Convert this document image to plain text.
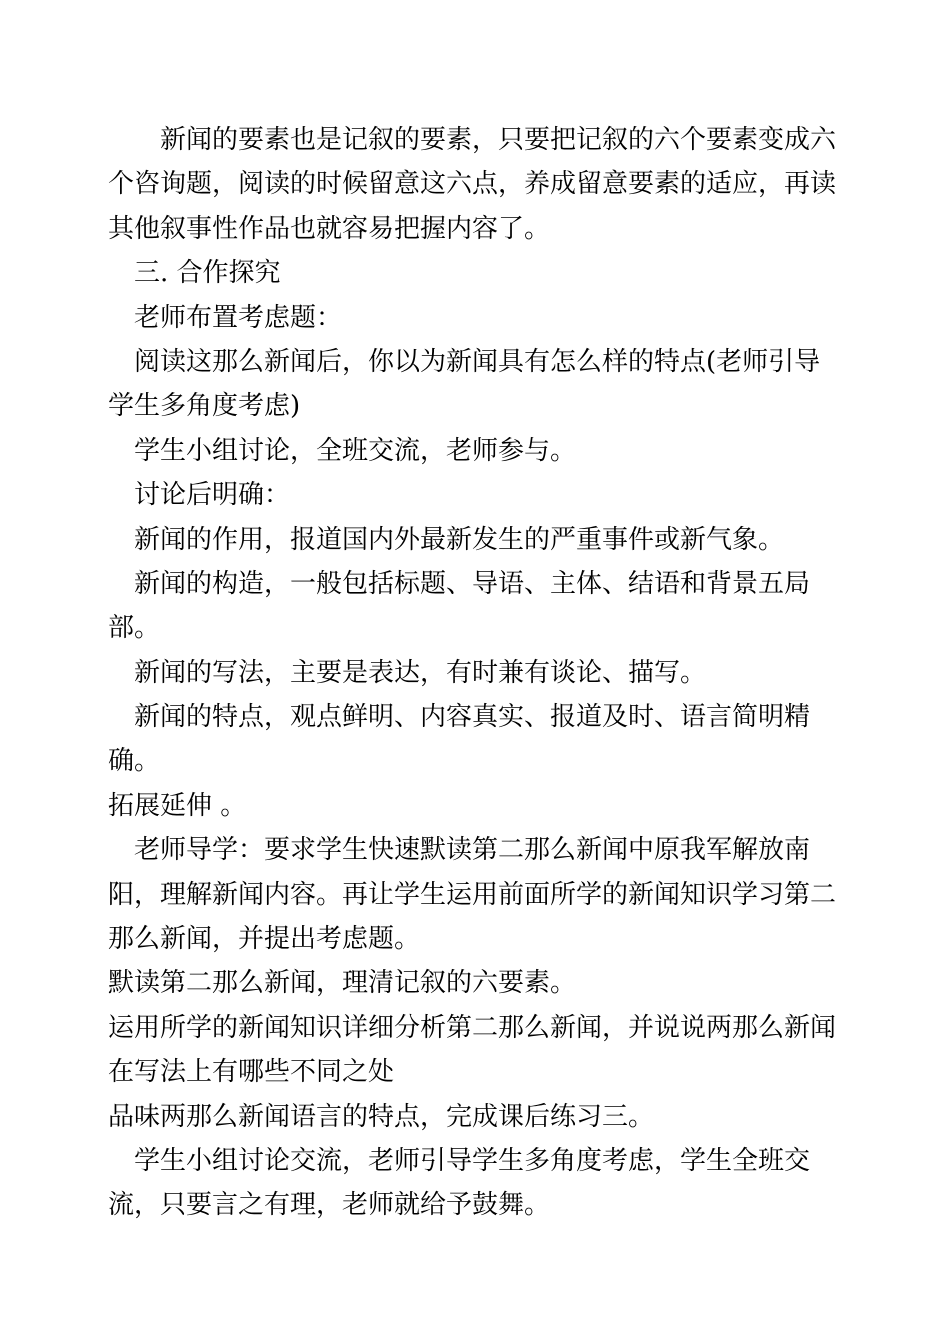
新闻的要素也是记叙的要素，只要把记叙的六个要素变成六
个咨询题，阅读的时候留意这六点，养成留意要素的适应，再读
其他叙事性作品也就容易把握内容了。
三. 合作探究
老师布置考虑题：
阅读这那么新闻后，你以为新闻具有怎么样的特点(老师引导
学生多角度考虑)
学生小组讨论，全班交流，老师参与。
讨论后明确：
新闻的作用，报道国内外最新发生的严重事件或新气象。
新闻的构造，一般包括标题、导语、主体、结语和背景五局
部。
新闻的写法，主要是表达，有时兼有谈论、描写。
新闻的特点，观点鲜明、内容真实、报道及时、语言简明精
确。
拓展延伸 。
老师导学：要求学生快速默读第二那么新闻中原我军解放南
阳，理解新闻内容。再让学生运用前面所学的新闻知识学习第二
那么新闻，并提出考虑题。
默读第二那么新闻，理清记叙的六要素。
运用所学的新闻知识详细分析第二那么新闻，并说说两那么新闻
在写法上有哪些不同之处
品味两那么新闻语言的特点，完成课后练习三。
学生小组讨论交流，老师引导学生多角度考虑，学生全班交
流，只要言之有理，老师就给予鼓舞。
